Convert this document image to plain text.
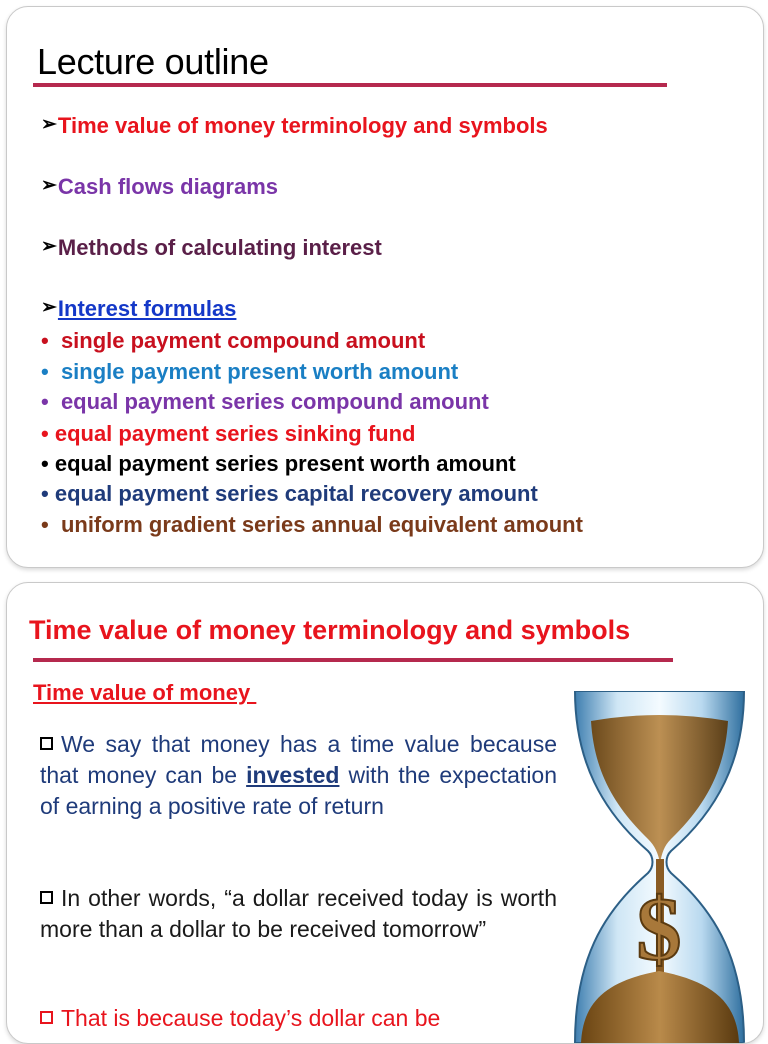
Lecture outline
➢Time value of money terminology and symbols
➢Cash flows diagrams
➢Methods of calculating interest
➢Interest formulas
• single payment compound amount
• single payment present worth amount
• equal payment series compound amount
• equal payment series sinking fund
• equal payment series present worth amount
• equal payment series capital recovery amount
• uniform gradient series annual equivalent amount
Time value of money terminology and symbols
Time value of money

We say that money has a time value because that money can be invested with the expectation of earning a positive rate of return

In other words, “a dollar received today is worth more than a dollar to be received tomorrow”

That is because today’s dollar can be

$
